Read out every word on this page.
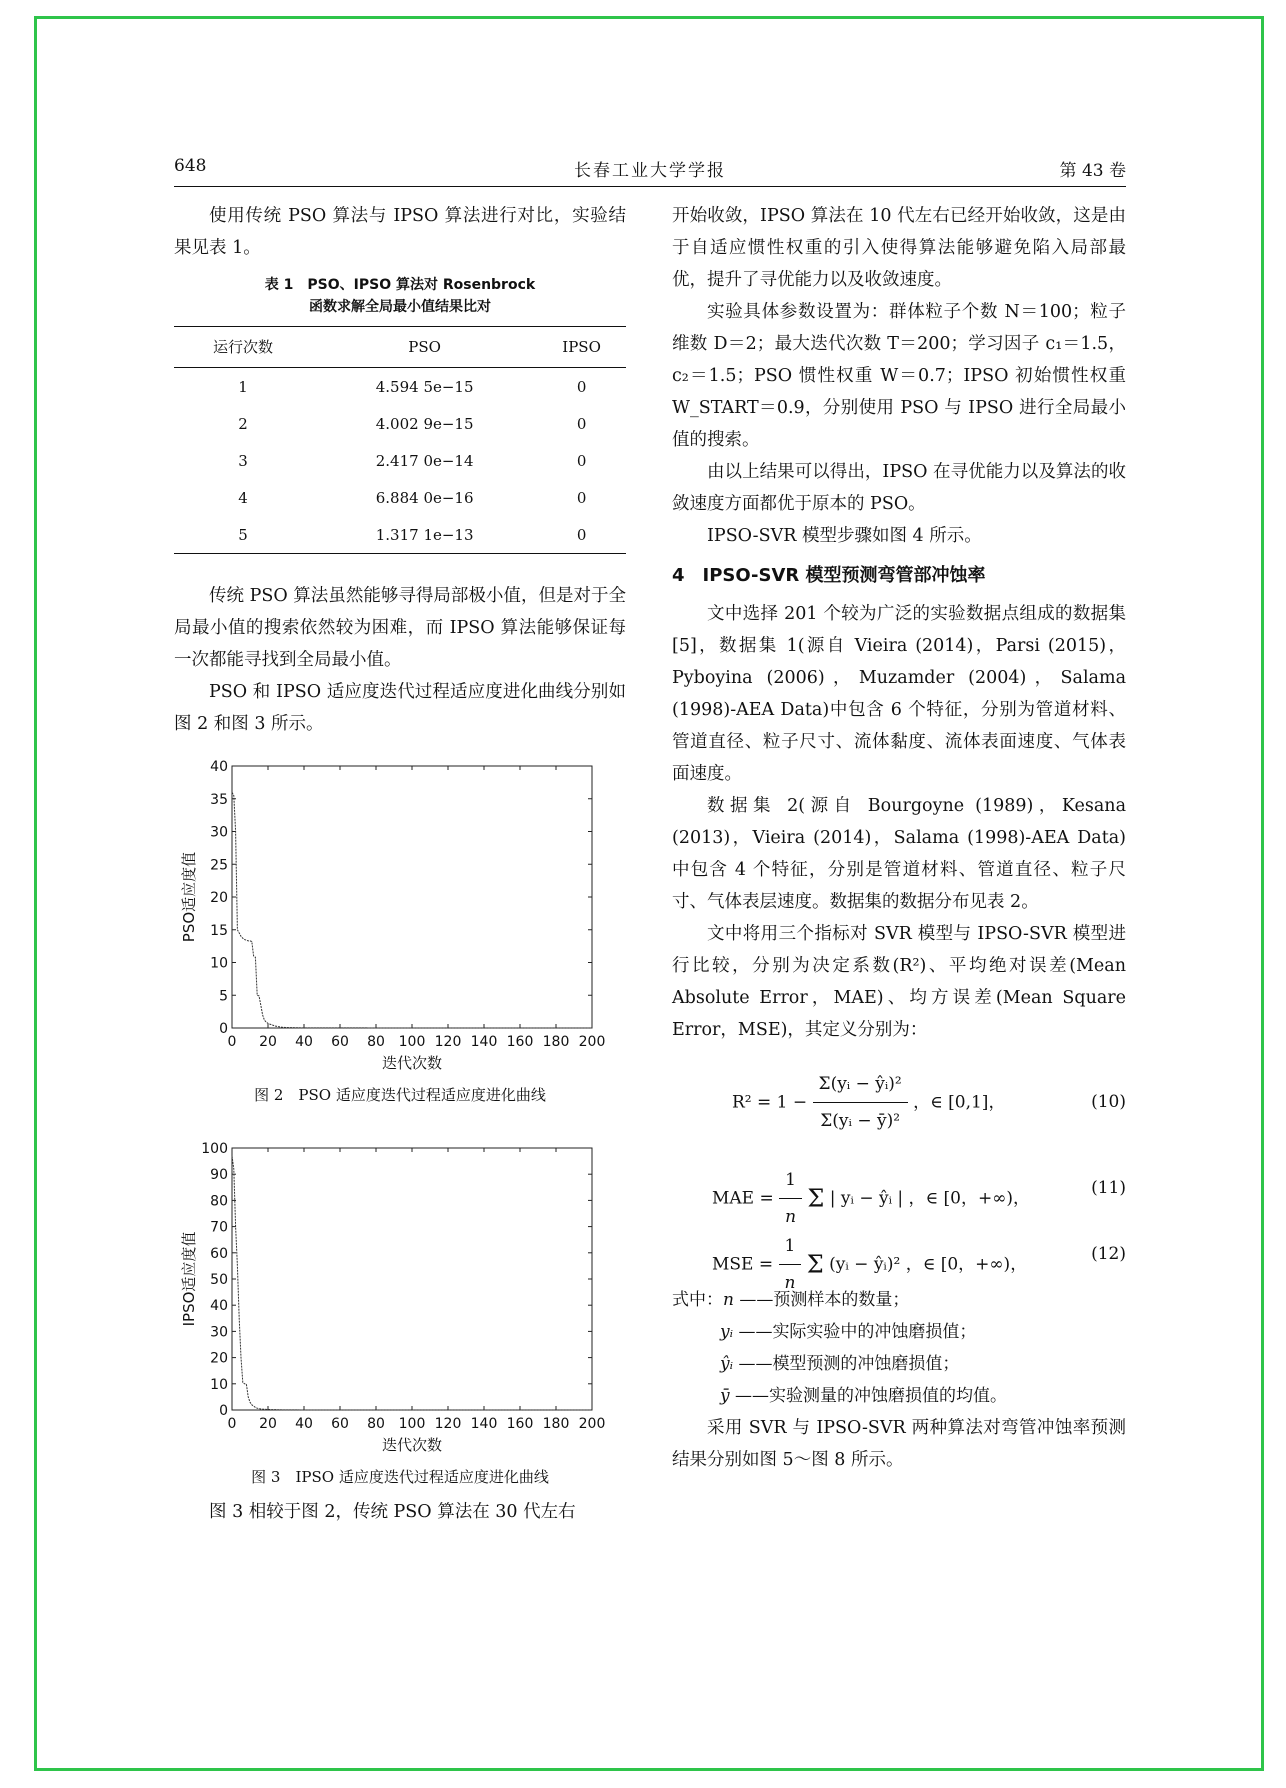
648	长春工业大学学报	第 43 卷

使用传统 PSO 算法与 IPSO 算法进行对比，实验结果见表 1。

表 1　PSO、IPSO 算法对 Rosenbrock
函数求解全局最小值结果比对
运行次数	PSO	IPSO
1	4.594 5e−15	0
2	4.002 9e−15	0
3	2.417 0e−14	0
4	6.884 0e−16	0
5	1.317 1e−13	0

传统 PSO 算法虽然能够寻得局部极小值，但是对于全局最小值的搜索依然较为困难，而 IPSO 算法能够保证每一次都能寻找到全局最小值。

PSO 和 IPSO 适应度迭代过程适应度进化曲线分别如图 2 和图 3 所示。

0 20 40 60 80 100 120 140 160 180 200
0
5
10
15
20
25
30
35
40
迭代次数
PSO适应度值
图 2　PSO 适应度迭代过程适应度进化曲线
0 20 40 60 80 100 120 140 160 180 200
0
10
20
30
40
50
60
70
80
90
100
迭代次数
IPSO适应度值
图 3　IPSO 适应度迭代过程适应度进化曲线

图 3 相较于图 2，传统 PSO 算法在 30 代左右

开始收敛，IPSO 算法在 10 代左右已经开始收敛，这是由于自适应惯性权重的引入使得算法能够避免陷入局部最优，提升了寻优能力以及收敛速度。

实验具体参数设置为：群体粒子个数 N＝100；粒子维数 D＝2；最大迭代次数 T＝200；学习因子 c₁＝1.5，c₂＝1.5；PSO 惯性权重 W＝0.7；IPSO 初始惯性权重 W_START＝0.9，分别使用 PSO 与 IPSO 进行全局最小值的搜索。

由以上结果可以得出，IPSO 在寻优能力以及算法的收敛速度方面都优于原本的 PSO。

IPSO-SVR 模型步骤如图 4 所示。

4　IPSO-SVR 模型预测弯管部冲蚀率

文中选择 201 个较为广泛的实验数据点组成的数据集[5]，数据集 1(源自 Vieira (2014)，Parsi (2015)，Pyboyina (2006)，Muzamder (2004)，Salama (1998)-AEA Data)中包含 6 个特征，分别为管道材料、管道直径、粒子尺寸、流体黏度、流体表面速度、气体表面速度。

数据集 2(源自 Bourgoyne (1989)，Kesana (2013)，Vieira (2014)，Salama (1998)-AEA Data)中包含 4 个特征，分别是管道材料、管道直径、粒子尺寸、气体表层速度。数据集的数据分布见表 2。

文中将用三个指标对 SVR 模型与 IPSO-SVR 模型进行比较，分别为决定系数(R²)、平均绝对误差(Mean Absolute Error，MAE)、均方误差(Mean Square Error，MSE)，其定义分别为：

$R^2 = 1 - \frac{\text{Σ(yᵢ − ŷᵢ)²}}{\text{Σ(yᵢ − ȳ)²}}$ ，∈ [0,1]，	(10)
MAE = $\frac{1}{n}$ Σ | yᵢ − ŷᵢ | ，∈ [0，+∞)，
(11)
MSE = $\frac{1}{n}$ Σ (yᵢ − ŷᵢ)² ，∈ [0，+∞)，
(12)
式中：n ——预测样本的数量；
yᵢ ——实际实验中的冲蚀磨损值；
ŷᵢ ——模型预测的冲蚀磨损值；
ȳ ——实验测量的冲蚀磨损值的均值。

采用 SVR 与 IPSO-SVR 两种算法对弯管冲蚀率预测结果分别如图 5～图 8 所示。
